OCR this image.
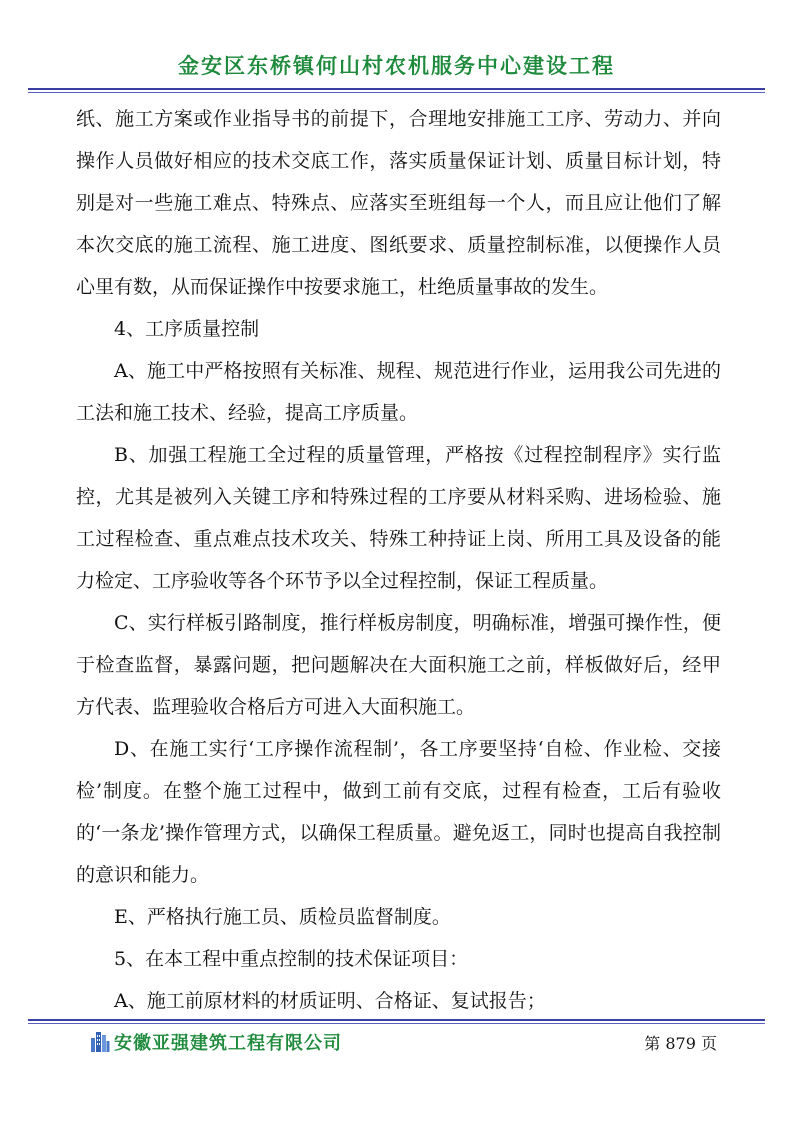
金安区东桥镇何山村农机服务中心建设工程

纸、施工方案或作业指导书的前提下，合理地安排施工工序、劳动力、并向操作人员做好相应的技术交底工作，落实质量保证计划、质量目标计划，特别是对一些施工难点、特殊点、应落实至班组每一个人，而且应让他们了解本次交底的施工流程、施工进度、图纸要求、质量控制标准，以便操作人员心里有数，从而保证操作中按要求施工，杜绝质量事故的发生。

4、工序质量控制

A、施工中严格按照有关标准、规程、规范进行作业，运用我公司先进的工法和施工技术、经验，提高工序质量。

B、加强工程施工全过程的质量管理，严格按《过程控制程序》实行监控，尤其是被列入关键工序和特殊过程的工序要从材料采购、进场检验、施工过程检查、重点难点技术攻关、特殊工种持证上岗、所用工具及设备的能力检定、工序验收等各个环节予以全过程控制，保证工程质量。

C、实行样板引路制度，推行样板房制度，明确标准，增强可操作性，便于检查监督，暴露问题，把问题解决在大面积施工之前，样板做好后，经甲方代表、监理验收合格后方可进入大面积施工。

D、在施工实行‘工序操作流程制’，各工序要坚持‘自检、作业检、交接检’制度。在整个施工过程中，做到工前有交底，过程有检查，工后有验收的‘一条龙’操作管理方式，以确保工程质量。避免返工，同时也提高自我控制的意识和能力。

E、严格执行施工员、质检员监督制度。

5、在本工程中重点控制的技术保证项目：

A、施工前原材料的材质证明、合格证、复试报告；

安徽亚强建筑工程有限公司	第 879 页
